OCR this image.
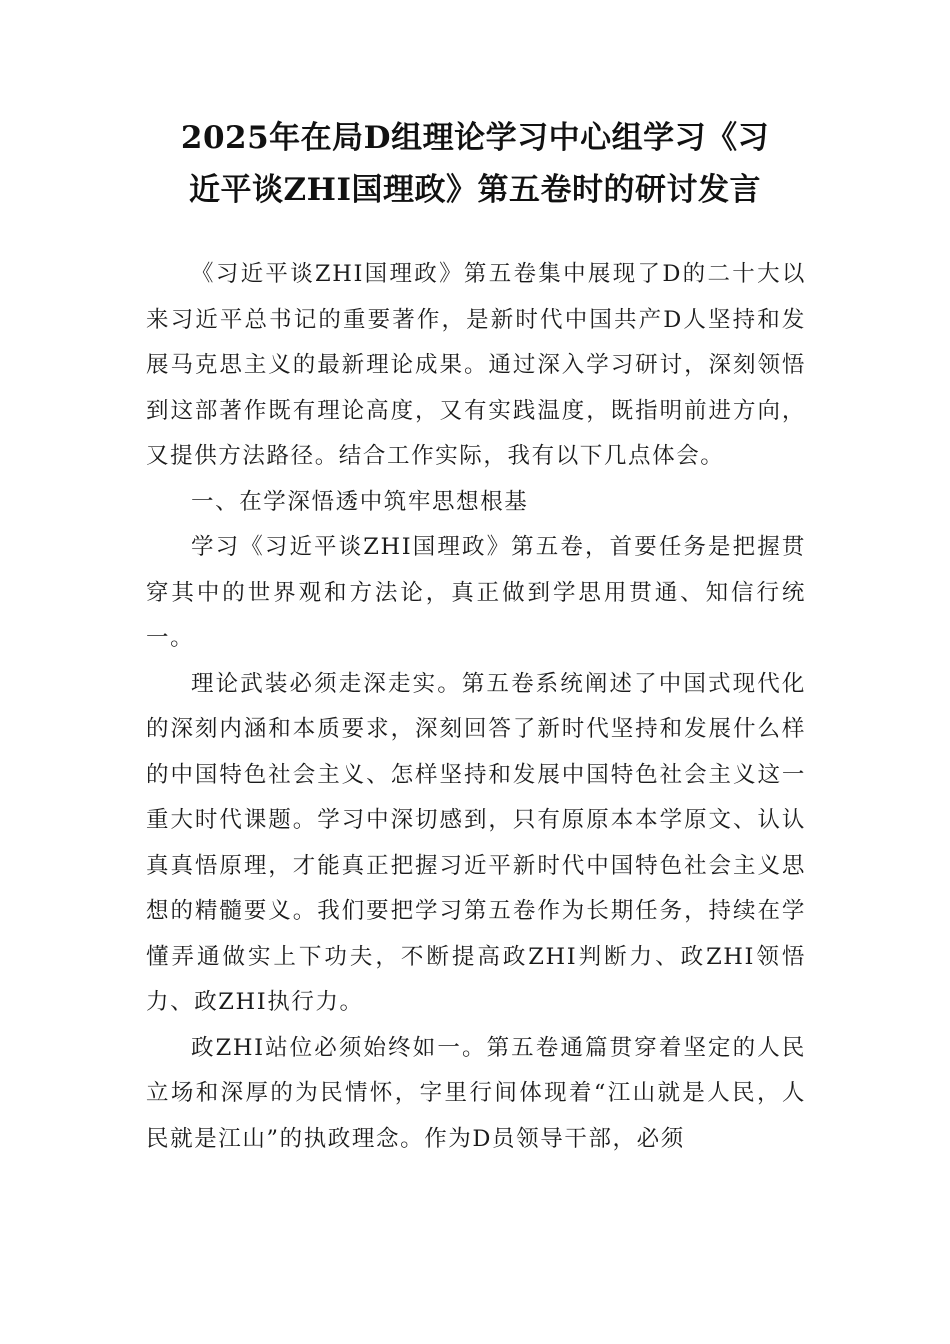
2025年在局D组理论学习中心组学习《习
近平谈ZHI国理政》第五卷时的研讨发言

《习近平谈ZHI国理政》第五卷集中展现了D的二十大以来习近平总书记的重要著作，是新时代中国共产D人坚持和发展马克思主义的最新理论成果。通过深入学习研讨，深刻领悟到这部著作既有理论高度，又有实践温度，既指明前进方向，又提供方法路径。结合工作实际，我有以下几点体会。

一、在学深悟透中筑牢思想根基

学习《习近平谈ZHI国理政》第五卷，首要任务是把握贯穿其中的世界观和方法论，真正做到学思用贯通、知信行统一。

理论武装必须走深走实。第五卷系统阐述了中国式现代化的深刻内涵和本质要求，深刻回答了新时代坚持和发展什么样的中国特色社会主义、怎样坚持和发展中国特色社会主义这一重大时代课题。学习中深切感到，只有原原本本学原文、认认真真悟原理，才能真正把握习近平新时代中国特色社会主义思想的精髓要义。我们要把学习第五卷作为长期任务，持续在学懂弄通做实上下功夫，不断提高政ZHI判断力、政ZHI领悟力、政ZHI执行力。

政ZHI站位必须始终如一。第五卷通篇贯穿着坚定的人民立场和深厚的为民情怀，字里行间体现着“江山就是人民，人民就是江山”的执政理念。作为D员领导干部，必须
